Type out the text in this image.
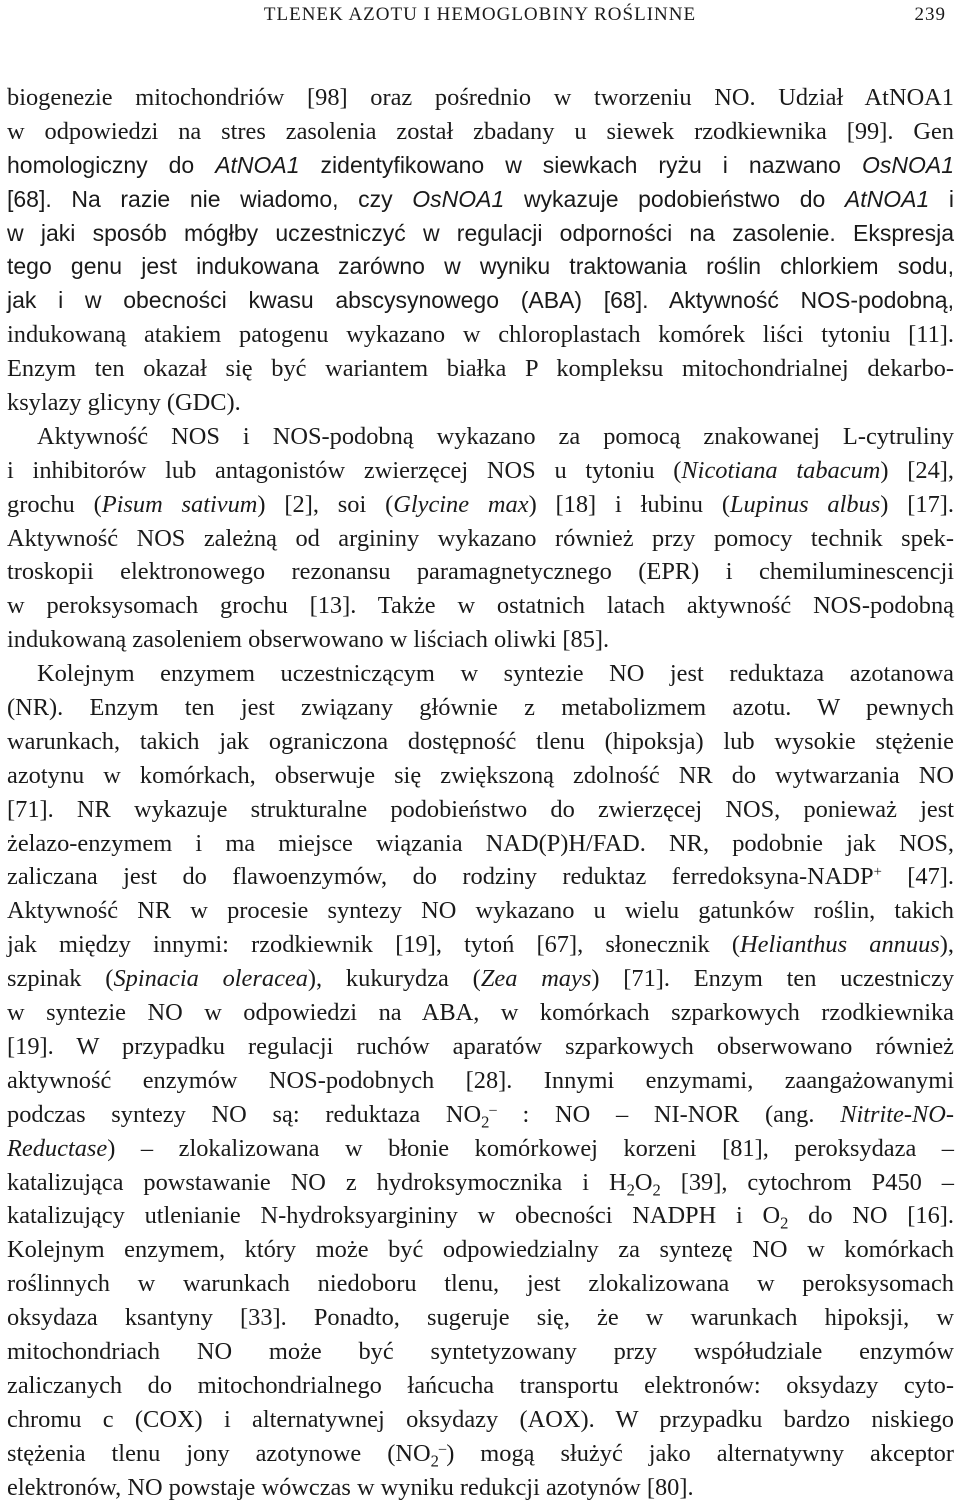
TLENEK AZOTU I HEMOGLOBINY ROŚLINNE	239
biogenezie mitochondriów [98] oraz pośrednio w tworzeniu NO. Udział AtNOA1
w odpowiedzi na stres zasolenia został zbadany u siewek rzodkiewnika [99]. Gen
homologiczny do AtNOA1 zidentyfikowano w siewkach ryżu i nazwano OsNOA1
[68]. Na razie nie wiadomo, czy OsNOA1 wykazuje podobieństwo do AtNOA1 i
w jaki sposób mógłby uczestniczyć w regulacji odporności na zasolenie. Ekspresja
tego genu jest indukowana zarówno w wyniku traktowania roślin chlorkiem sodu,
jak i w obecności kwasu abscysynowego (ABA) [68]. Aktywność NOS-podobną,
indukowaną atakiem patogenu wykazano w chloroplastach komórek liści tytoniu [11].
Enzym ten okazał się być wariantem białka P kompleksu mitochondrialnej dekarbo-
ksylazy glicyny (GDC).
Aktywność NOS i NOS-podobną wykazano za pomocą znakowanej L-cytruliny
i inhibitorów lub antagonistów zwierzęcej NOS u tytoniu (Nicotiana tabacum) [24],
grochu (Pisum sativum) [2], soi (Glycine max) [18] i łubinu (Lupinus albus) [17].
Aktywność NOS zależną od argininy wykazano również przy pomocy technik spek-
troskopii elektronowego rezonansu paramagnetycznego (EPR) i chemiluminescencji
w peroksysomach grochu [13]. Także w ostatnich latach aktywność NOS-podobną
indukowaną zasoleniem obserwowano w liściach oliwki [85].
Kolejnym enzymem uczestniczącym w syntezie NO jest reduktaza azotanowa
(NR). Enzym ten jest związany głównie z metabolizmem azotu. W pewnych
warunkach, takich jak ograniczona dostępność tlenu (hipoksja) lub wysokie stężenie
azotynu w komórkach, obserwuje się zwiększoną zdolność NR do wytwarzania NO
[71]. NR wykazuje strukturalne podobieństwo do zwierzęcej NOS, ponieważ jest
żelazo-enzymem i ma miejsce wiązania NAD(P)H/FAD. NR, podobnie jak NOS,
zaliczana jest do flawoenzymów, do rodziny reduktaz ferredoksyna-NADP+ [47].
Aktywność NR w procesie syntezy NO wykazano u wielu gatunków roślin, takich
jak między innymi: rzodkiewnik [19], tytoń [67], słonecznik (Helianthus annuus),
szpinak (Spinacia oleracea), kukurydza (Zea mays) [71]. Enzym ten uczestniczy
w syntezie NO w odpowiedzi na ABA, w komórkach szparkowych rzodkiewnika
[19]. W przypadku regulacji ruchów aparatów szparkowych obserwowano również
aktywność enzymów NOS-podobnych [28]. Innymi enzymami, zaangażowanymi
podczas syntezy NO są: reduktaza $NO_2^-$ : NO – NI-NOR (ang. Nitrite-NO-
Reductase) – zlokalizowana w błonie komórkowej korzeni [81], peroksydaza –
katalizująca powstawanie NO z hydroksymocznika i $H_2O_2$ [39], cytochrom P450 –
katalizujący utlenianie N-hydroksyargininy w obecności NADPH i $O_2$ do NO [16].
Kolejnym enzymem, który może być odpowiedzialny za syntezę NO w komórkach
roślinnych w warunkach niedoboru tlenu, jest zlokalizowana w peroksysomach
oksydaza ksantyny [33]. Ponadto, sugeruje się, że w warunkach hipoksji, w
mitochondriach NO może być syntetyzowany przy współudziale enzymów
zaliczanych do mitochondrialnego łańcucha transportu elektronów: oksydazy cyto-
chromu c (COX) i alternatywnej oksydazy (AOX). W przypadku bardzo niskiego
stężenia tlenu jony azotynowe $(NO_2^-)$ mogą służyć jako alternatywny akceptor
elektronów, NO powstaje wówczas w wyniku redukcji azotynów [80].
